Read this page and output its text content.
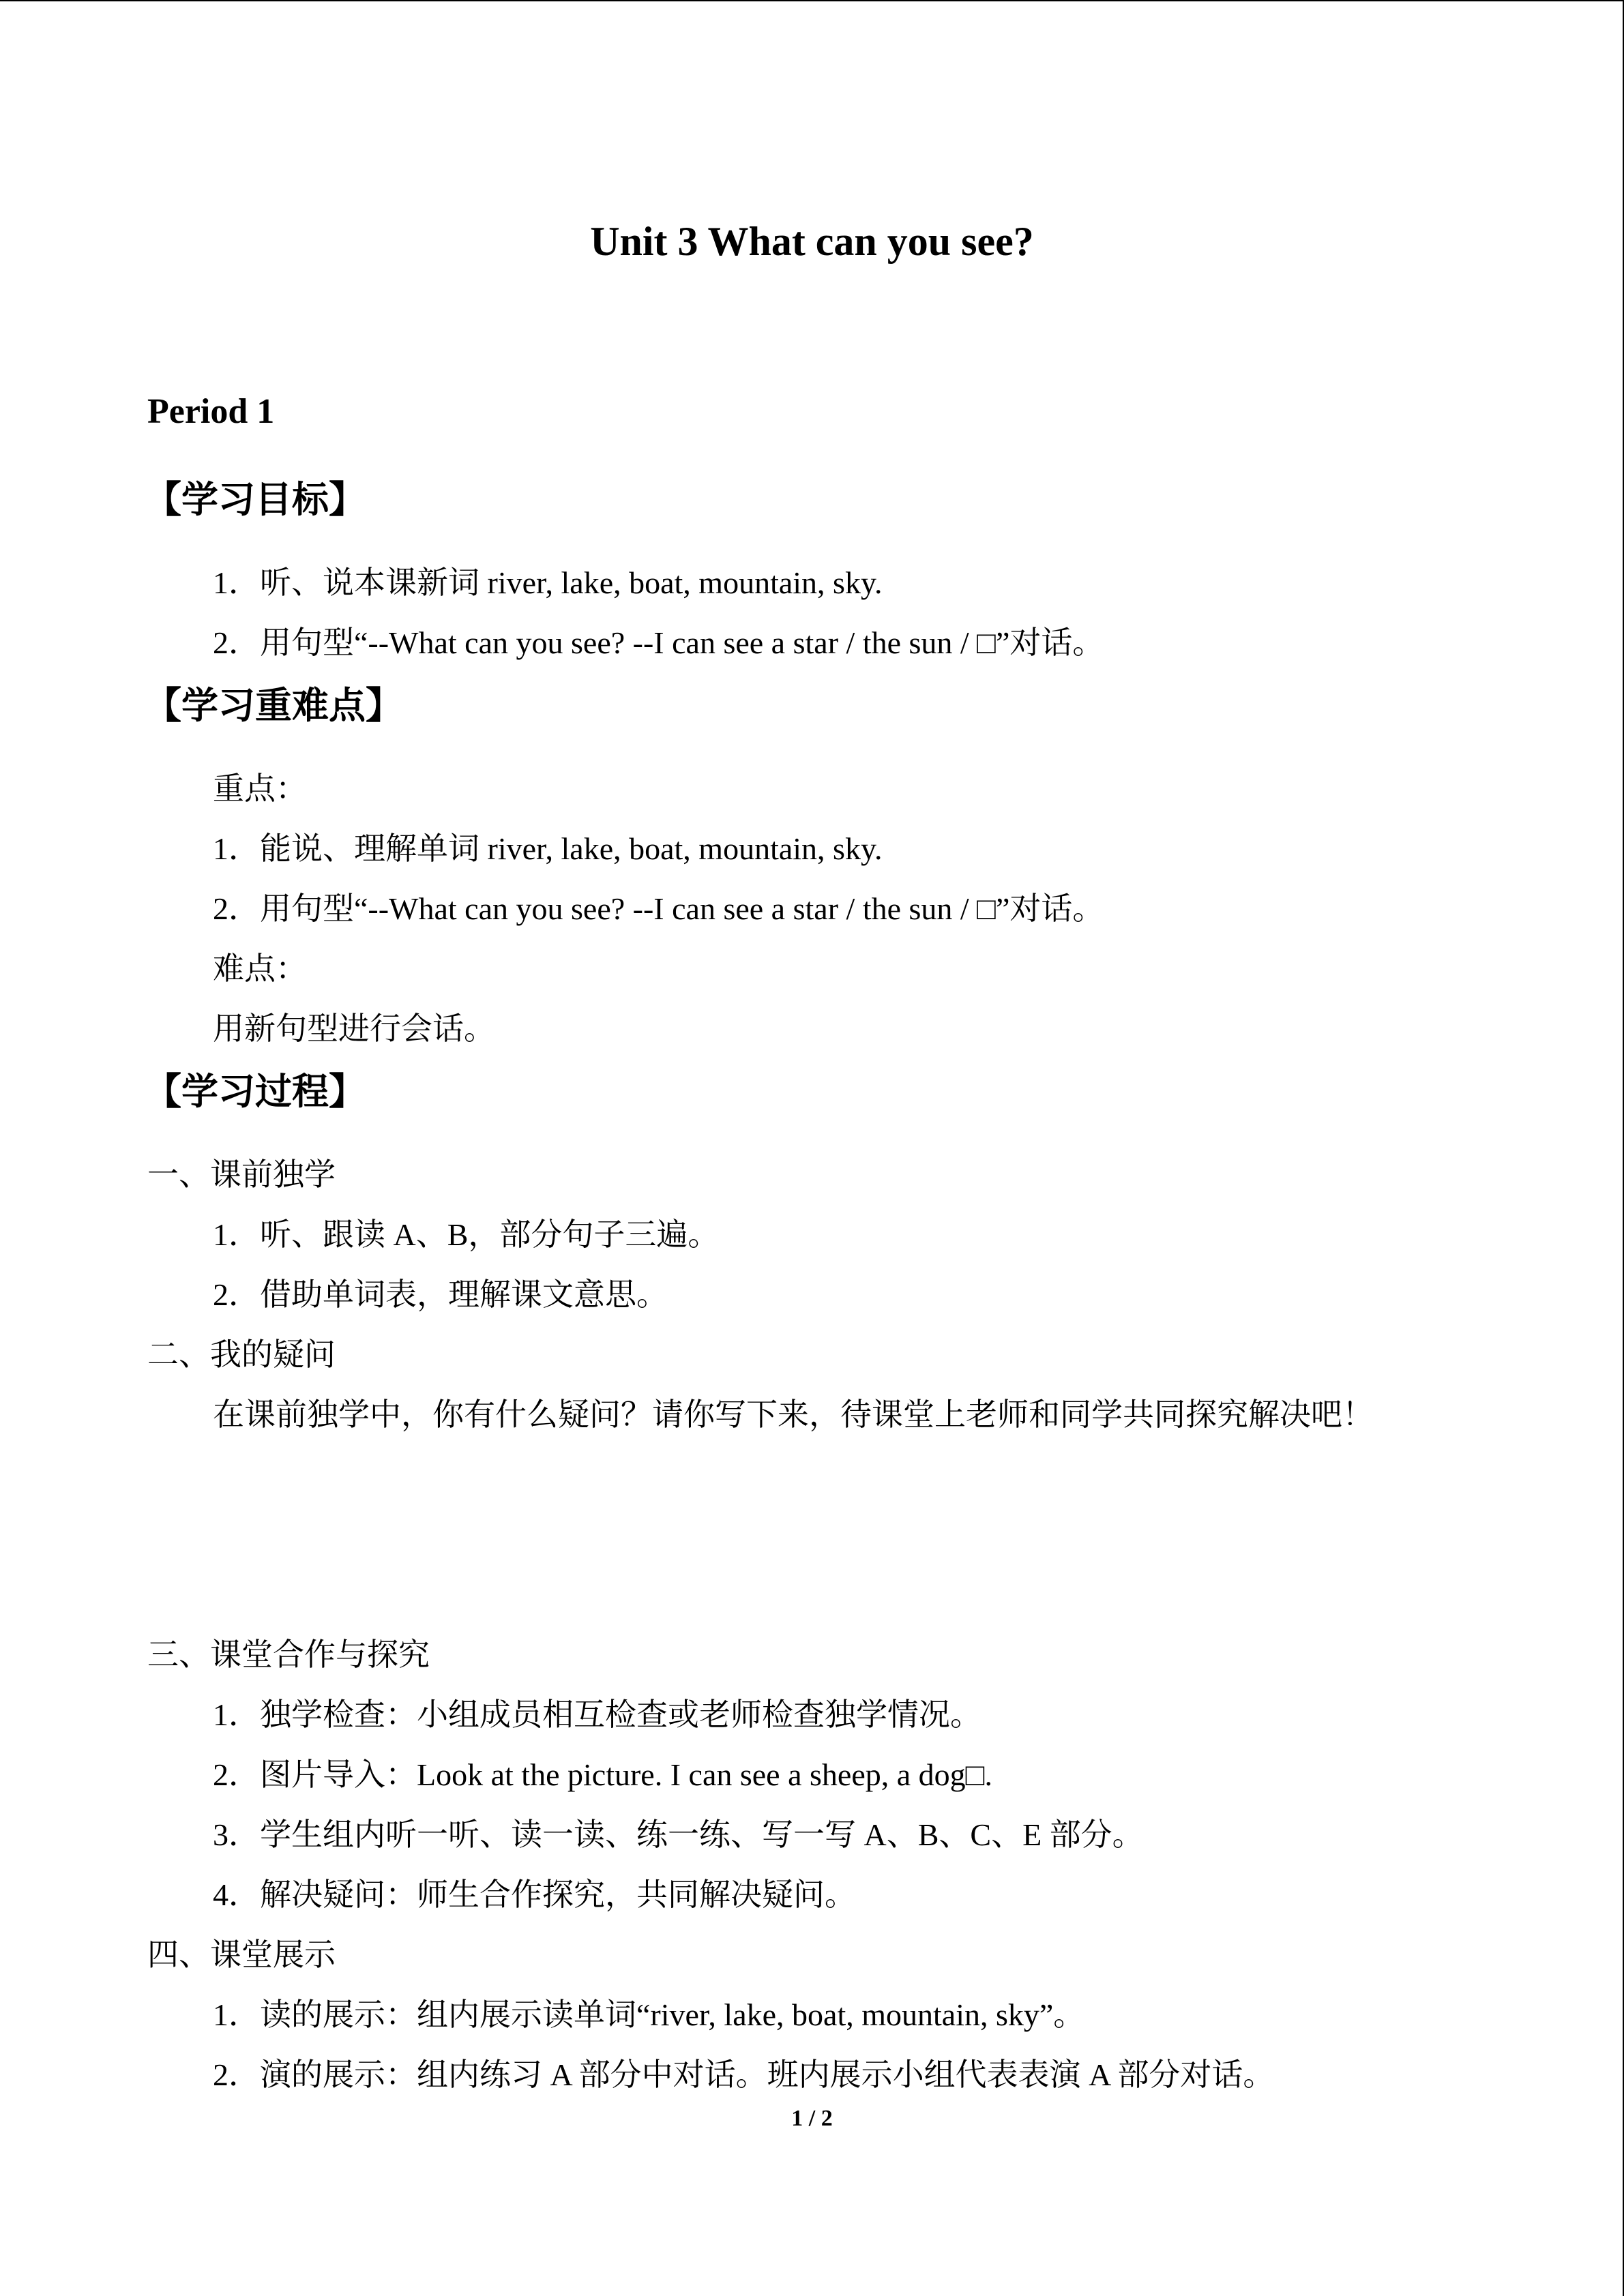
Unit 3 What can you see?
Period 1
【学习目标】
1．听、说本课新词 river, lake, boat, mountain, sky.
2．用句型“--What can you see? --I can see a star / the sun / □”对话。
【学习重难点】
重点：
1．能说、理解单词 river, lake, boat, mountain, sky.
2．用句型“--What can you see? --I can see a star / the sun / □”对话。
难点：
用新句型进行会话。
【学习过程】
一、课前独学
1．听、跟读 A、B，部分句子三遍。
2．借助单词表，理解课文意思。
二、我的疑问
在课前独学中，你有什么疑问？请你写下来，待课堂上老师和同学共同探究解决吧！
三、课堂合作与探究
1．独学检查：小组成员相互检查或老师检查独学情况。
2．图片导入：Look at the picture. I can see a sheep, a dog□.
3．学生组内听一听、读一读、练一练、写一写 A、B、C、E 部分。
4．解决疑问：师生合作探究，共同解决疑问。
四、课堂展示
1．读的展示：组内展示读单词“river, lake, boat, mountain, sky”。
2．演的展示：组内练习 A 部分中对话。班内展示小组代表表演 A 部分对话。
1 / 2
